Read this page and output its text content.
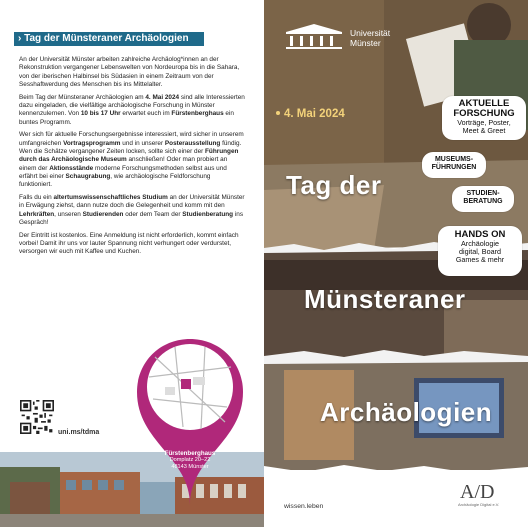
› Tag der Münsteraner Archäologien

An der Universität Münster arbeiten zahlreiche Archäolog*innen an der Rekonstruktion vergangener Lebenswelten von Nordeuropa bis in die Sahara, von der iberischen Halbinsel bis Südasien in einem Zeitraum von der Sesshaftwerdung des Menschen bis ins Mittelalter.

Beim Tag der Münsteraner Archäologien am 4. Mai 2024 sind alle Interessierten dazu eingeladen, die vielfältige archäologische Forschung in Münster kennenzulernen. Von 10 bis 17 Uhr erwartet euch im Fürstenberghaus ein buntes Programm.

Wer sich für aktuelle Forschungsergebnisse interessiert, wird sicher in unserem umfangreichen Vortragsprogramm und in unserer Posterausstellung fündig. Wen die Schätze vergangener Zeiten locken, sollte sich einer der Führungen durch das Archäologische Museum anschließen! Oder man probiert an einem der Aktionsstände moderne Forschungsmethoden selbst aus und erfährt bei einer Schaugrabung, wie archäologische Feldforschung funktioniert.

Falls du ein altertumswissenschaftliches Studium an der Universität Münster in Erwägung ziehst, dann nutze doch die Gelegenheit und komm mit den Lehrkräften, unseren Studierenden oder dem Team der Studienberatung ins Gespräch!

Der Eintritt ist kostenlos. Eine Anmeldung ist nicht erforderlich, kommt einfach vorbei! Damit ihr uns vor lauter Spannung nicht verhungert oder verdurstet, versorgen wir euch mit Kaffee und Kuchen.

uni.ms/tdma
Fürstenberghaus
Domplatz 20–22
48143 Münster
Universität
Münster
4. Mai 2024
Tag der
Münsteraner
Archäologien
AKTUELLE
FORSCHUNG
Vorträge, Poster,
Meet & Greet
MUSEUMS-
FÜHRUNGEN
STUDIEN-
BERATUNG
HANDS ON
Archäologie
digital, Board
Games & mehr
wissen.leben
A/D
Archäologie Digital e.V.
